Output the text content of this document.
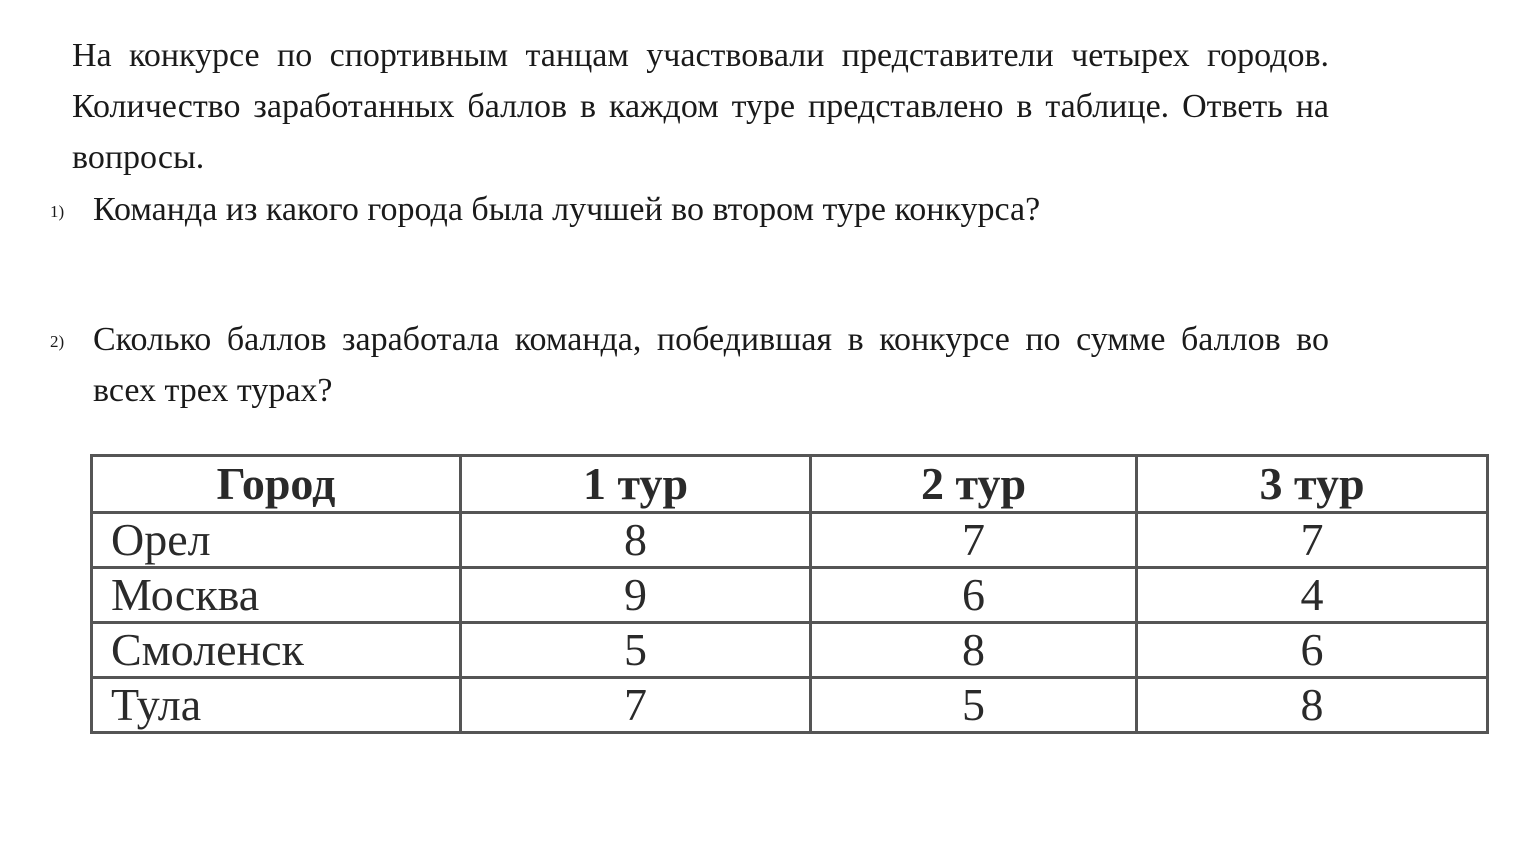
На конкурсе по спортивным танцам участвовали представители четырех городов. Количество заработанных баллов в каждом туре представлено в таблице. Ответь на вопросы.

1) Команда из какого города была лучшей во втором туре конкурса?

2) Сколько баллов заработала команда, победившая в конкурсе по сумме баллов во всех трех турах?

Город	1 тур	2 тур	3 тур
Орел	8	7	7
Москва	9	6	4
Смоленск	5	8	6
Тула	7	5	8
